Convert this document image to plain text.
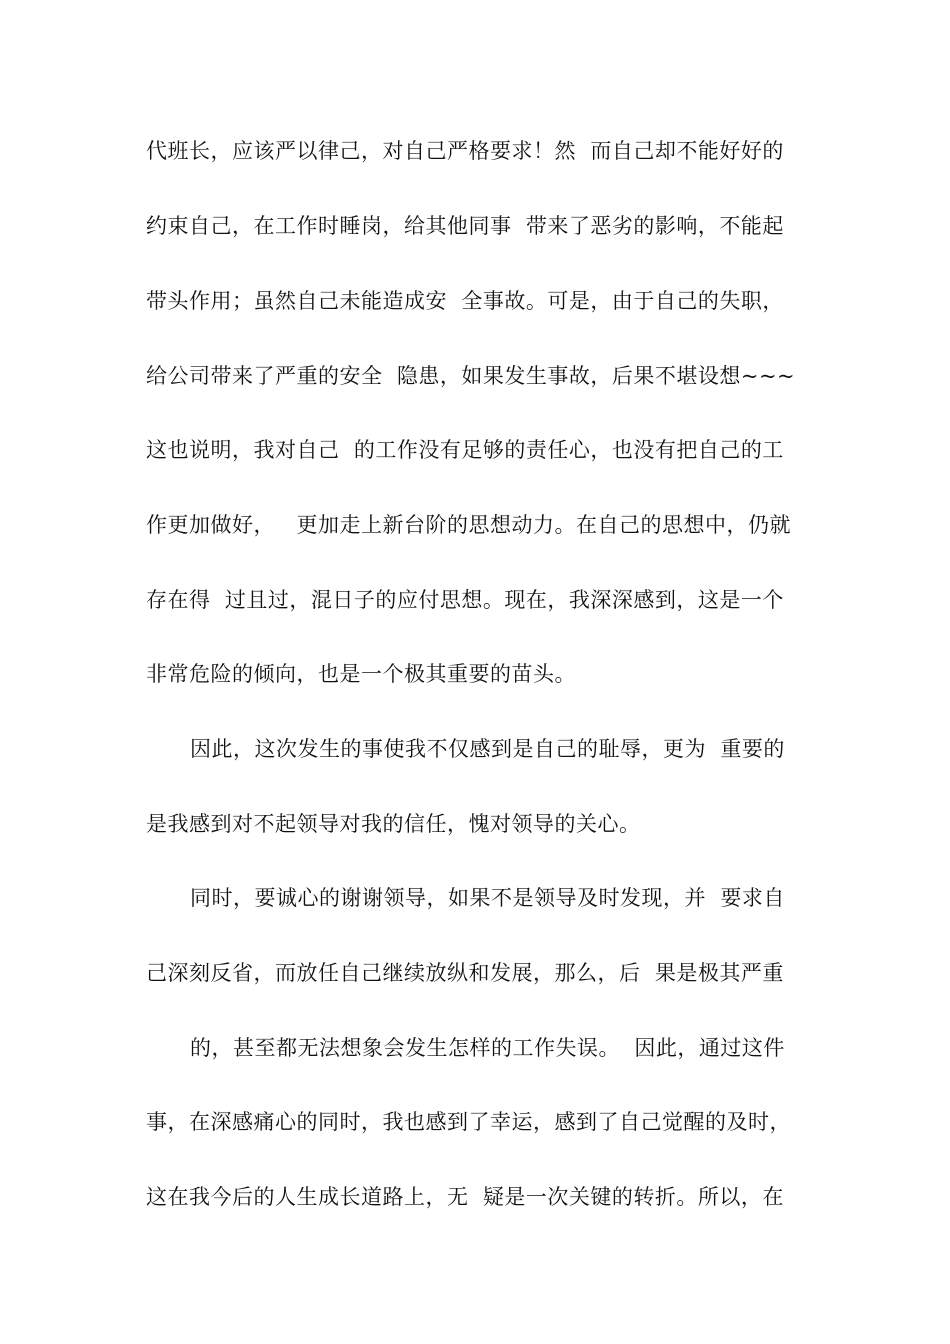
代班长，应该严以律己，对自己严格要求！然  而自己却不能好好的
约束自己，在工作时睡岗，给其他同事  带来了恶劣的影响，不能起
带头作用；虽然自己未能造成安  全事故。可是，由于自己的失职，
给公司带来了严重的安全  隐患，如果发生事故，后果不堪设想~~~
这也说明，我对自己  的工作没有足够的责任心，也没有把自己的工
作更加做好，   更加走上新台阶的思想动力。在自己的思想中，仍就
存在得  过且过，混日子的应付思想。现在，我深深感到，这是一个
非常危险的倾向，也是一个极其重要的苗头。
因此，这次发生的事使我不仅感到是自己的耻辱，更为  重要的
是我感到对不起领导对我的信任，愧对领导的关心。
同时，要诚心的谢谢领导，如果不是领导及时发现，并  要求自
己深刻反省，而放任自己继续放纵和发展，那么，后  果是极其严重
的，甚至都无法想象会发生怎样的工作失误。  因此，通过这件
事，在深感痛心的同时，我也感到了幸运，感到了自己觉醒的及时，
这在我今后的人生成长道路上，无  疑是一次关键的转折。所以，在
